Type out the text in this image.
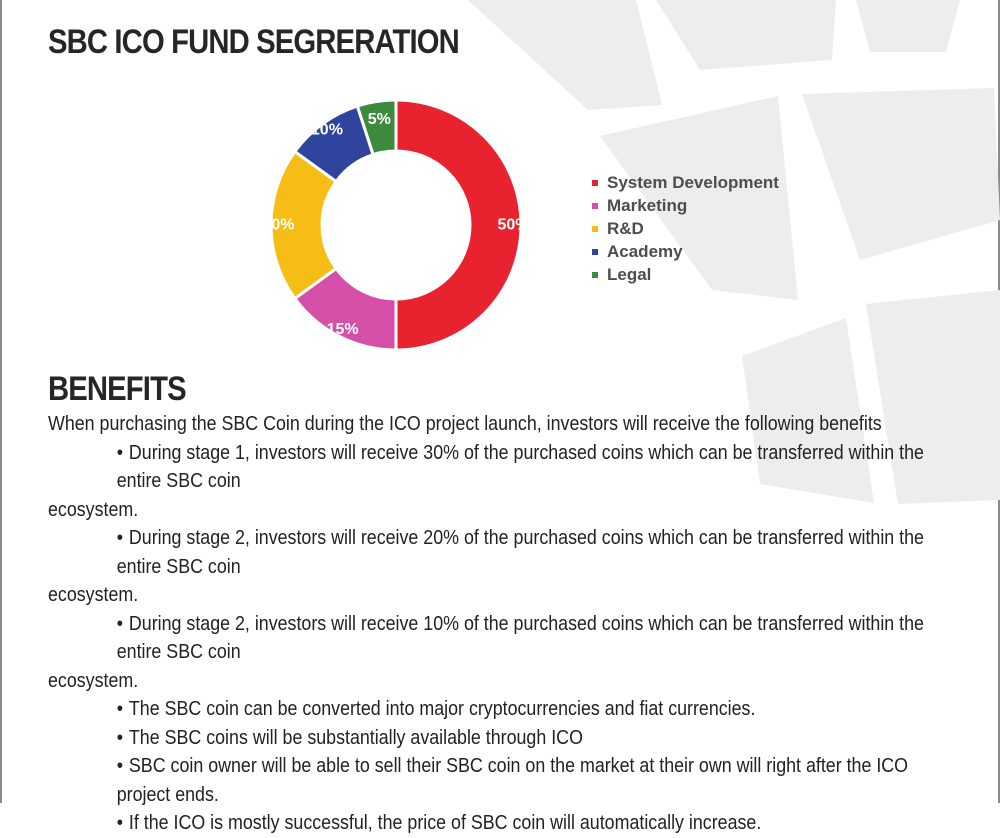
SBC ICO FUND SEGRERATION
50%
15%
20%
10%
5%
System Development
Marketing
R&D
Academy
Legal
BENEFITS

When purchasing the SBC Coin during the ICO project launch, investors will receive the following benefits

• During stage 1, investors will receive 30% of the purchased coins which can be transferred within the entire SBC coin
ecosystem.
• During stage 2, investors will receive 20% of the purchased coins which can be transferred within the entire SBC coin
ecosystem.
• During stage 2, investors will receive 10% of the purchased coins which can be transferred within the entire SBC coin
ecosystem.
• The SBC coin can be converted into major cryptocurrencies and fiat currencies.
• The SBC coins will be substantially available through ICO
• SBC coin owner will be able to sell their SBC coin on the market at their own will right after the ICO project ends.
• If the ICO is mostly successful, the price of SBC coin will automatically increase.
